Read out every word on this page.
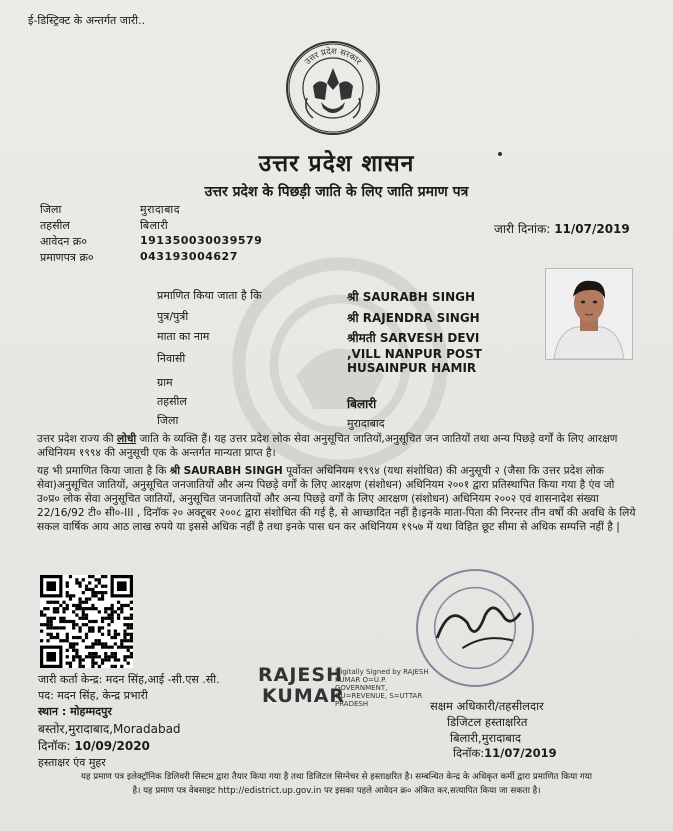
ई-डिस्ट्रिक्ट के अन्तर्गत जारी..
उत्तर प्रदेश सरकार
उत्तर प्रदेश शासन
उत्तर प्रदेश के पिछड़ी जाति के लिए जाति प्रमाण पत्र
जिला	मुरादाबाद
तहसील	बिलारी
आवेदन क्र०	191350030039579
प्रमाणपत्र क्र०	043193004627
जारी दिनांक: 11/07/2019
प्रमाणित किया जाता है कि	श्री SAURABH SINGH
पुत्र/पुत्री	श्री RAJENDRA SINGH
माता का नाम	श्रीमती SARVESH DEVI
निवासी	,VILL NANPUR POST
HUSAINPUR HAMIR
ग्राम
तहसील	बिलारी
जिला	मुरादाबाद
उत्तर प्रदेश राज्य की लोधी जाति के व्यक्ति हैं। यह उत्तर प्रदेश लोक सेवा अनुसूचित जातियों,अनुसूचित जन जातियों तथा अन्य पिछड़े वर्गों के लिए आरक्षण अधिनियम १९९४ की अनुसूची एक के अन्तर्गत मान्यता प्राप्त है।
यह भी प्रमाणित किया जाता है कि श्री SAURABH SINGH पूर्वोक्त अधिनियम १९९४ (यथा संशोधित) की अनुसूची २ (जैसा कि उत्तर प्रदेश लोक सेवा)अनुसूचित जातियों, अनुसूचित जनजातियों और अन्य पिछड़े वर्गों के लिए आरक्षण (संशोधन) अधिनियम २००१ द्वारा प्रतिस्थापित किया गया है एंव जो उ०प्र० लोक सेवा अनुसूचित जातियों, अनुसूचित जनजातियों और अन्य पिछड़े वर्गों के लिए आरक्षण (संशोधन) अधिनियम २००२ एवं शासनादेश संख्या 22/16/92 टी० सी०-III , दिनॉक २० अक्टूबर २००८ द्वारा संशोधित की गई है, से आच्छादित नहीं है।इनके माता-पिता की निरन्तर तीन वर्षो की अवधि के लिये सकल वार्षिक आय आठ लाख रुपये या इससे अधिक नहीं है तथा इनके पास धन कर अधिनियम १९५७ में यथा विहित छूट सीमा से अधिक सम्पत्ति नहीं है |
जारी कर्ता केन्द्र: मदन सिंह,आई -सी.एस .सी.
पद: मदन सिंह, केन्द्र प्रभारी
स्थान : मोहम्मदपुर
बस्तोर,मुरादाबाद,Moradabad
दिनॉक: 10/09/2020
हस्ताक्षर एंव मुहर
RAJESH
KUMAR
Digitally Signed by RAJESH KUMAR O=U.P. GOVERNMENT, OU=REVENUE, S=UTTAR PRADESH	सक्षम अधिकारी/तहसीलदार
डिजिटल हस्ताक्षरित
बिलारी,मुरादाबाद
दिनॉक:11/07/2019
यह प्रमाण पत्र इलेक्ट्रॉनिक डिलिवरी सिस्टम द्वारा तैयार किया गया है तथा डिजिटल सिग्नेचर से हस्ताक्षरित है। सम्बन्धित केन्द्र के अधिकृत कर्मी द्वारा प्रमाणित किया गया
है। यह प्रमाण पत्र वेबसाइट http://edistrict.up.gov.in पर इसका पहले आवेदन क्र० अंकित कर,सत्यापित किया जा सकता है।
